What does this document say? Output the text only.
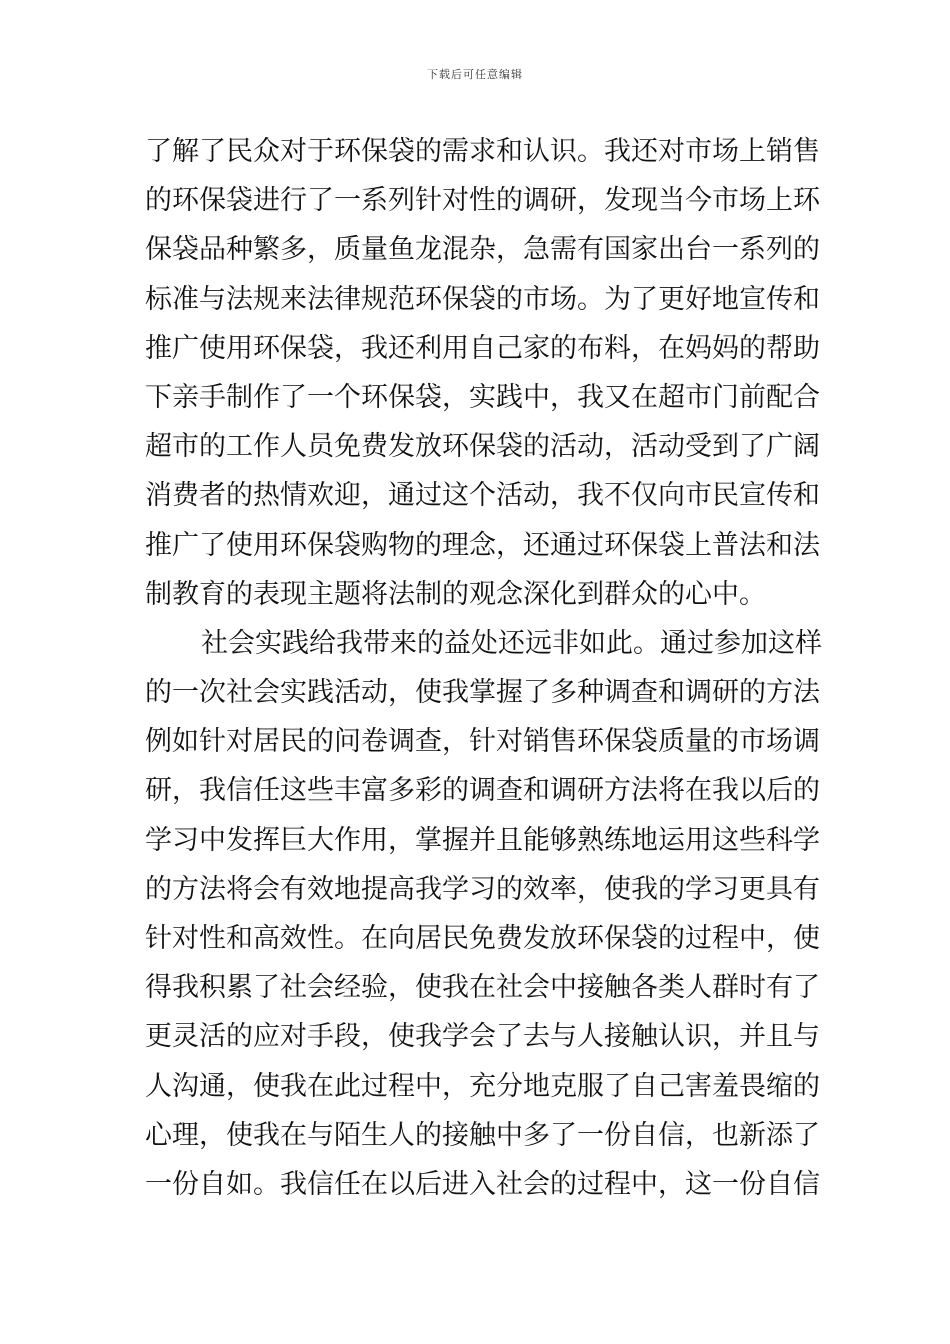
下载后可任意编辑
了解了民众对于环保袋的需求和认识。我还对市场上销售
的环保袋进行了一系列针对性的调研，发现当今市场上环
保袋品种繁多，质量鱼龙混杂，急需有国家出台一系列的
标准与法规来法律规范环保袋的市场。为了更好地宣传和
推广使用环保袋，我还利用自己家的布料，在妈妈的帮助
下亲手制作了一个环保袋，实践中，我又在超市门前配合
超市的工作人员免费发放环保袋的活动，活动受到了广阔
消费者的热情欢迎，通过这个活动，我不仅向市民宣传和
推广了使用环保袋购物的理念，还通过环保袋上普法和法
制教育的表现主题将法制的观念深化到群众的心中。
社会实践给我带来的益处还远非如此。通过参加这样
的一次社会实践活动，使我掌握了多种调查和调研的方法
例如针对居民的问卷调查，针对销售环保袋质量的市场调
研，我信任这些丰富多彩的调查和调研方法将在我以后的
学习中发挥巨大作用，掌握并且能够熟练地运用这些科学
的方法将会有效地提高我学习的效率，使我的学习更具有
针对性和高效性。在向居民免费发放环保袋的过程中，使
得我积累了社会经验，使我在社会中接触各类人群时有了
更灵活的应对手段，使我学会了去与人接触认识，并且与
人沟通，使我在此过程中，充分地克服了自己害羞畏缩的
心理，使我在与陌生人的接触中多了一份自信，也新添了
一份自如。我信任在以后进入社会的过程中，这一份自信
